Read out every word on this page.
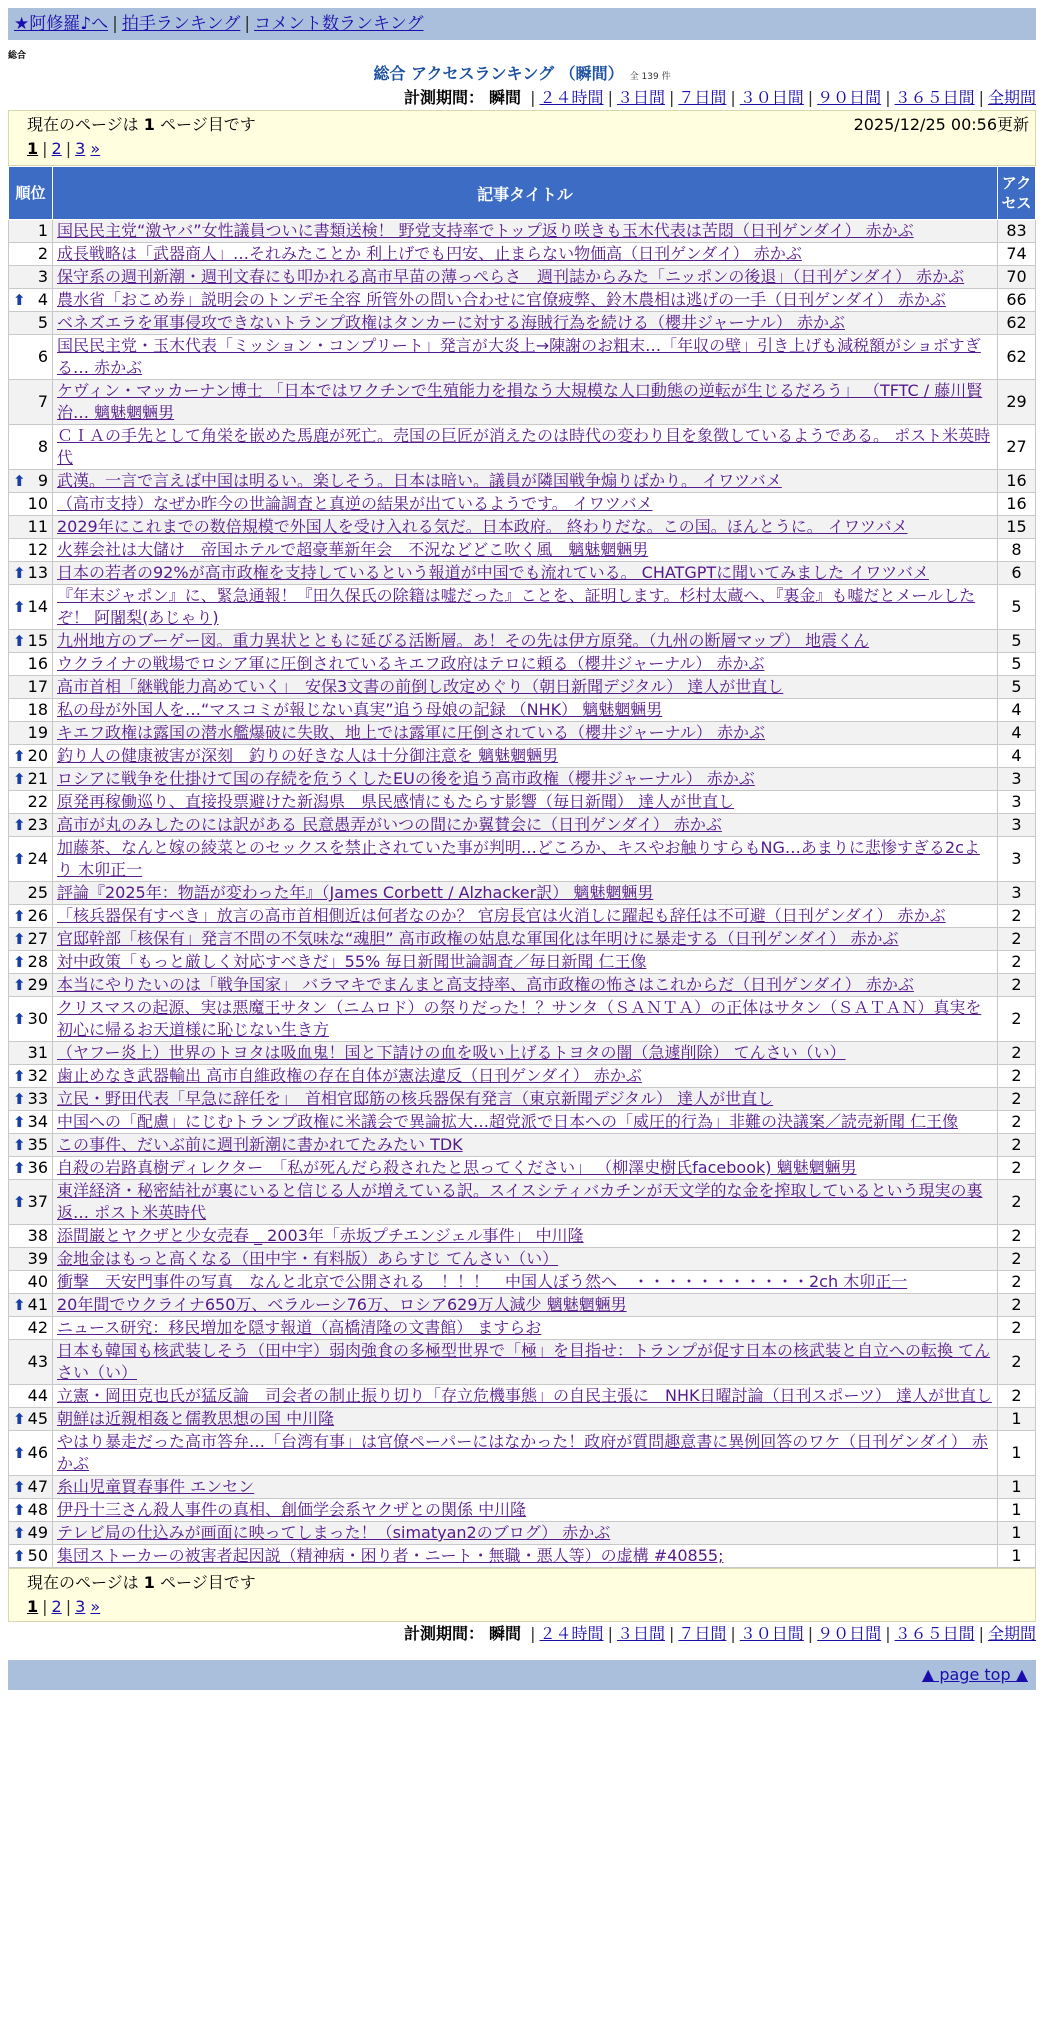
★阿修羅♪へ | 拍手ランキング | コメント数ランキング
総合
総合 アクセスランキング （瞬間） 全 139 件
計測期間： 瞬間 | ２４時間 | ３日間 | ７日間 | ３０日間 | ９０日間 | ３６５日間 | 全期間
現在のページは 1 ページ目です	2025/12/25 00:56更新
1 | 2 | 3 »
順位	記事タイトル	アクセス
1	国民民主党“激ヤバ”女性議員ついに書類送検！ 野党支持率でトップ返り咲きも玉木代表は苦悶（日刊ゲンダイ） 赤かぶ	83
2	成長戦略は「武器商人」…それみたことか 利上げでも円安、止まらない物価高（日刊ゲンダイ） 赤かぶ	74
3	保守系の週刊新潮・週刊文春にも叩かれる高市早苗の薄っぺらさ　週刊誌からみた「ニッポンの後退」（日刊ゲンダイ） 赤かぶ	70

⬆ 4	農水省「おこめ券」説明会のトンデモ全容 所管外の問い合わせに官僚疲弊、鈴木農相は逃げの一手（日刊ゲンダイ） 赤かぶ	66
5	ベネズエラを軍事侵攻できないトランプ政権はタンカーに対する海賊行為を続ける（櫻井ジャーナル） 赤かぶ	62
6	国民民主党・玉木代表「ミッション・コンプリート」発言が大炎上→陳謝のお粗末…「年収の壁」引き上げも減税額がショボすぎる… 赤かぶ	62
7	ケヴィン・マッカーナン博士 「日本ではワクチンで生殖能力を損なう大規模な人口動態の逆転が生じるだろう」 （TFTC / 藤川賢治… 魑魅魍魎男	29
8	ＣＩＡの手先として角栄を嵌めた馬鹿が死亡。売国の巨匠が消えたのは時代の変わり目を象徴しているようである。 ポスト米英時代	27

⬆ 9	武漢。一言で言えば中国は明るい。楽しそう。日本は暗い。議員が隣国戦争煽りばかり。 イワツバメ	16
10	（高市支持）なぜか昨今の世論調査と真逆の結果が出ているようです。 イワツバメ	16
11	2029年にこれまでの数倍規模で外国人を受け入れる気だ。日本政府。 終わりだな。この国。ほんとうに。 イワツバメ	15
12	火葬会社は大儲け　帝国ホテルで超豪華新年会　不況などどこ吹く風　魑魅魍魎男	8

⬆ 13	日本の若者の92%が高市政権を支持しているという報道が中国でも流れている。 CHATGPTに聞いてみました イワツバメ	6

⬆ 14	『年末ジャポン』に、緊急通報！『田久保氏の除籍は嘘だった』ことを、証明します。杉村太蔵へ、『裏金』も嘘だとメールしたぞ！ 阿闍梨(あじゃり)	5

⬆ 15	九州地方のブーゲー図。重力異状とともに延びる活断層。あ！その先は伊方原発。（九州の断層マップ） 地震くん	5
16	ウクライナの戦場でロシア軍に圧倒されているキエフ政府はテロに頼る（櫻井ジャーナル） 赤かぶ	5
17	高市首相「継戦能力高めていく」　安保3文書の前倒し改定めぐり（朝日新聞デジタル） 達人が世直し	5
18	私の母が外国人を…“マスコミが報じない真実”追う母娘の記録 （NHK） 魑魅魍魎男	4
19	キエフ政権は露国の潜水艦爆破に失敗、地上では露軍に圧倒されている（櫻井ジャーナル） 赤かぶ	4

⬆ 20	釣り人の健康被害が深刻　釣りの好きな人は十分御注意を 魑魅魍魎男	4

⬆ 21	ロシアに戦争を仕掛けて国の存続を危うくしたEUの後を追う高市政権（櫻井ジャーナル） 赤かぶ	3
22	原発再稼働巡り、直接投票避けた新潟県　県民感情にもたらす影響（毎日新聞） 達人が世直し	3

⬆ 23	高市が丸のみしたのには訳がある 民意愚弄がいつの間にか翼賛会に（日刊ゲンダイ） 赤かぶ	3

⬆ 24	加藤茶、なんと嫁の綾菜とのセックスを禁止されていた事が判明…どころか、キスやお触りすらもNG…あまりに悲惨すぎる2cより 木卯正一	3
25	評論『2025年：物語が変わった年』（James Corbett / Alzhacker訳） 魑魅魍魎男	3

⬆ 26	「核兵器保有すべき」放言の高市首相側近は何者なのか？ 官房長官は火消しに躍起も辞任は不可避（日刊ゲンダイ） 赤かぶ	2

⬆ 27	官邸幹部「核保有」発言不問の不気味な“魂胆” 高市政権の姑息な軍国化は年明けに暴走する（日刊ゲンダイ） 赤かぶ	2

⬆ 28	対中政策「もっと厳しく対応すべきだ」55% 毎日新聞世論調査／毎日新聞 仁王像	2

⬆ 29	本当にやりたいのは「戦争国家」 バラマキでまんまと高支持率、高市政権の怖さはこれからだ（日刊ゲンダイ） 赤かぶ	2

⬆ 30	クリスマスの起源、実は悪魔王サタン（ニムロド）の祭りだった！？サンタ（ＳＡＮＴＡ）の正体はサタン（ＳＡＴＡＮ）真実を初心に帰るお天道様に恥じない生き方	2
31	（ヤフー炎上）世界のトヨタは吸血鬼！国と下請けの血を吸い上げるトヨタの闇（急遽削除） てんさい（い）	2

⬆ 32	歯止めなき武器輸出 高市自維政権の存在自体が憲法違反（日刊ゲンダイ） 赤かぶ	2

⬆ 33	立民・野田代表「早急に辞任を」　首相官邸筋の核兵器保有発言（東京新聞デジタル） 達人が世直し	2

⬆ 34	中国への「配慮」にじむトランプ政権に米議会で異論拡大…超党派で日本への「威圧的行為」非難の決議案／読売新聞 仁王像	2

⬆ 35	この事件、だいぶ前に週刊新潮に書かれてたみたい TDK	2

⬆ 36	自殺の岩路真樹ディレクター　「私が死んだら殺されたと思ってください」 （柳澤史樹氏facebook) 魑魅魍魎男	2

⬆ 37	東洋経済・秘密結社が裏にいると信じる人が増えている訳。スイスシティバカチンが天文学的な金を搾取しているという現実の裏返… ポスト米英時代	2
38	添間巌とヤクザと少女売春 _ 2003年「赤坂プチエンジェル事件」 中川隆	2
39	金地金はもっと高くなる（田中宇・有料版）あらすじ てんさい（い）	2
40	衝撃　天安門事件の写真　なんと北京で公開される　！！！　中国人ぼう然へ　・・・・・・・・・・・2ch 木卯正一	2

⬆ 41	20年間でウクライナ650万、ベラルーシ76万、ロシア629万人減少 魑魅魍魎男	2
42	ニュース研究：移民増加を隠す報道（高橋清隆の文書館） ますらお	2
43	日本も韓国も核武装しそう（田中宇）弱肉強食の多極型世界で「極」を目指せ：トランプが促す日本の核武装と自立への転換 てんさい（い）	2
44	立憲・岡田克也氏が猛反論　司会者の制止振り切り「存立危機事態」の自民主張に　NHK日曜討論（日刊スポーツ） 達人が世直し	2

⬆ 45	朝鮮は近親相姦と儒教思想の国 中川隆	1

⬆ 46	やはり暴走だった高市答弁…「台湾有事」は官僚ペーパーにはなかった！政府が質問趣意書に異例回答のワケ（日刊ゲンダイ） 赤かぶ	1

⬆ 47	糸山児童買春事件 エンセン	1

⬆ 48	伊丹十三さん殺人事件の真相、創価学会系ヤクザとの関係 中川隆	1

⬆ 49	テレビ局の仕込みが画面に映ってしまった！（simatyan2のブログ） 赤かぶ	1

⬆ 50	集団ストーカーの被害者起因説（精神病・困り者・ニート・無職・悪人等）の虚構 #40855;	1
現在のページは 1 ページ目です
1 | 2 | 3 »
計測期間： 瞬間 | ２４時間 | ３日間 | ７日間 | ３０日間 | ９０日間 | ３６５日間 | 全期間
▲ page top ▲
